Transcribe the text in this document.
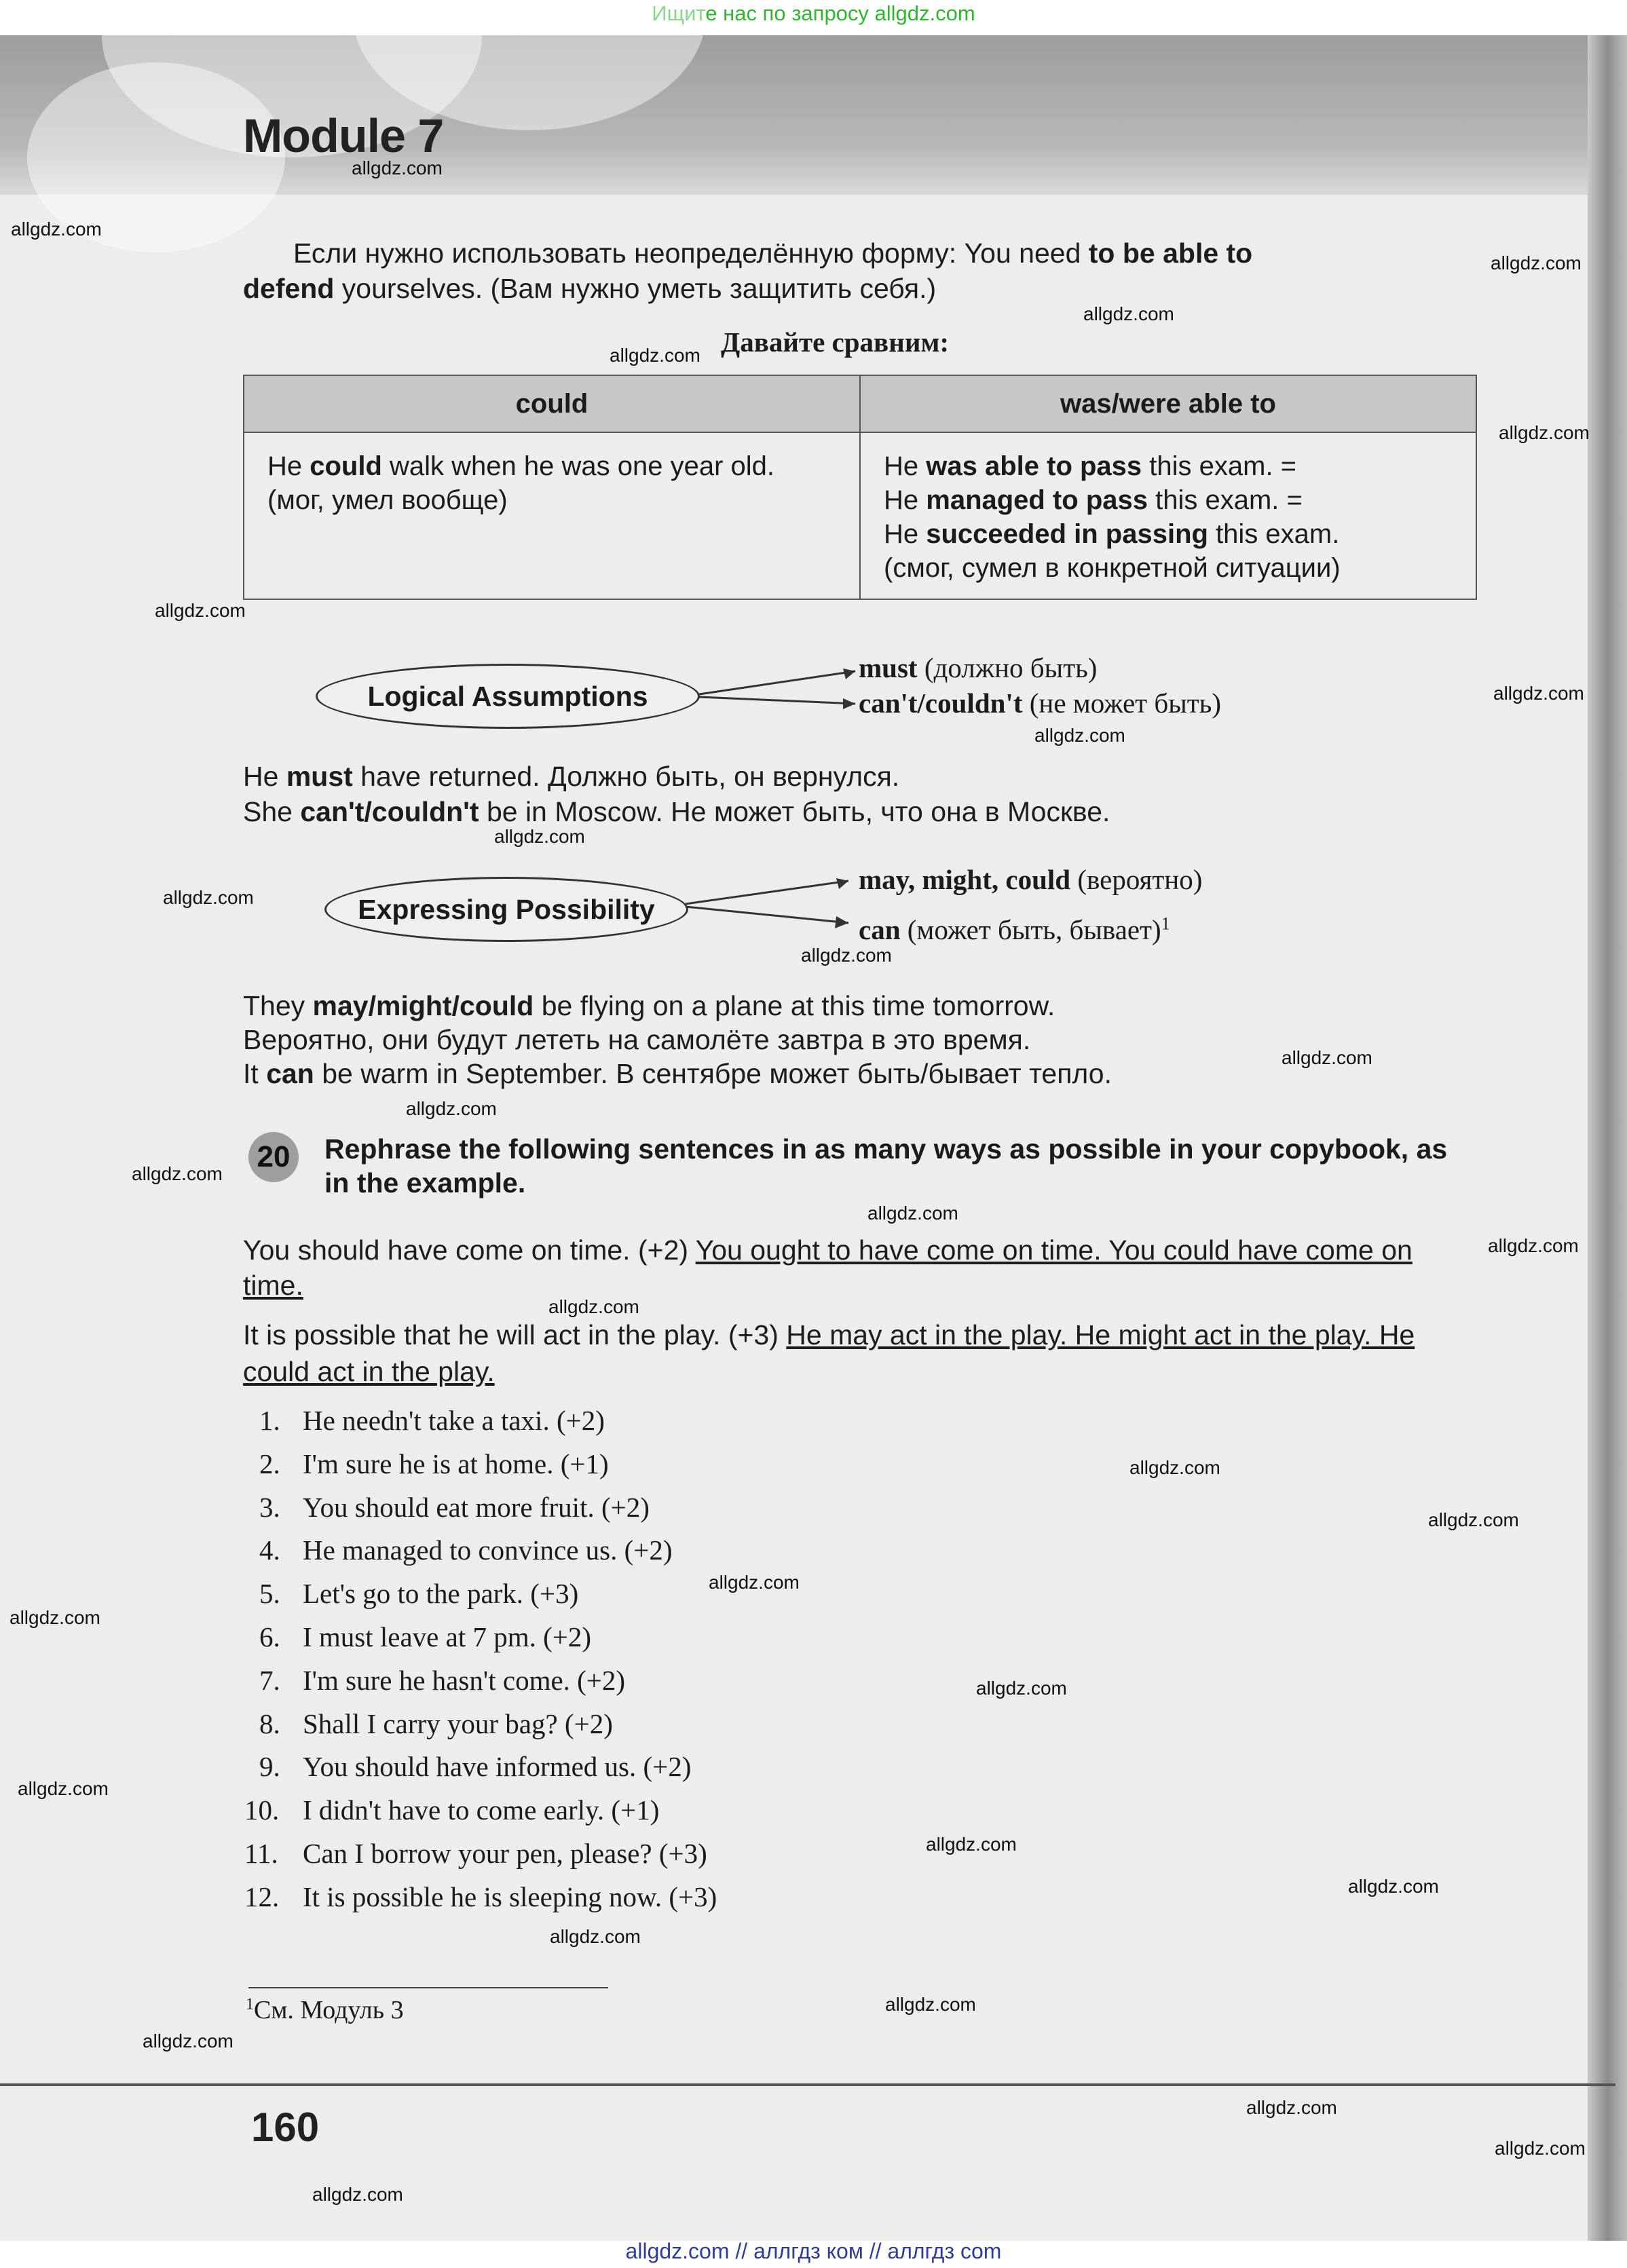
Ищите нас по запросу allgdz.com
Module 7
Если нужно использовать неопределённую форму: You need to be able to
defend yourselves. (Вам нужно уметь защитить себя.)
Давайте сравним:
could	was/were able to
He could walk when he was one year old. (мог, умел вообще)	He was able to pass this exam. =
He managed to pass this exam. =
He succeeded in passing this exam.
(смог, сумел в конкретной ситуации)
Logical Assumptions
must (должно быть)
can't/couldn't (не может быть)
He must have returned. Должно быть, он вернулся.
She can't/couldn't be in Moscow. Не может быть, что она в Москве.
Expressing Possibility
may, might, could (вероятно)
can (может быть, бывает)$^1$
They may/might/could be flying on a plane at this time tomorrow.
Вероятно, они будут лететь на самолёте завтра в это время.
It can be warm in September. В сентябре может быть/бывает тепло.
20	Rephrase the following sentences in as many ways as possible in your copybook, as in the example.
You should have come on time. (+2) You ought to have come on time. You could have come on time.
It is possible that he will act in the play. (+3) He may act in the play. He might act in the play. He could act in the play.
1. He needn't take a taxi. (+2)
2. I'm sure he is at home. (+1)
3. You should eat more fruit. (+2)
4. He managed to convince us. (+2)
5. Let's go to the park. (+3)
6. I must leave at 7 pm. (+2)
7. I'm sure he hasn't come. (+2)
8. Shall I carry your bag? (+2)
9. You should have informed us. (+2)
10. I didn't have to come early. (+1)
11. Can I borrow your pen, please? (+3)
12. It is possible he is sleeping now. (+3)
$^1$См. Модуль 3
160
allgdz.com
allgdz.com
allgdz.com
allgdz.com
allgdz.com
allgdz.com
allgdz.com
allgdz.com
allgdz.com
allgdz.com
allgdz.com
allgdz.com
allgdz.com
allgdz.com
allgdz.com
allgdz.com
allgdz.com
allgdz.com
allgdz.com
allgdz.com
allgdz.com
allgdz.com
allgdz.com
allgdz.com
allgdz.com
allgdz.com
allgdz.com
allgdz.com
allgdz.com
allgdz.com
allgdz.com
allgdz.com
allgdz.com // аллгдз ком // аллгдз com
